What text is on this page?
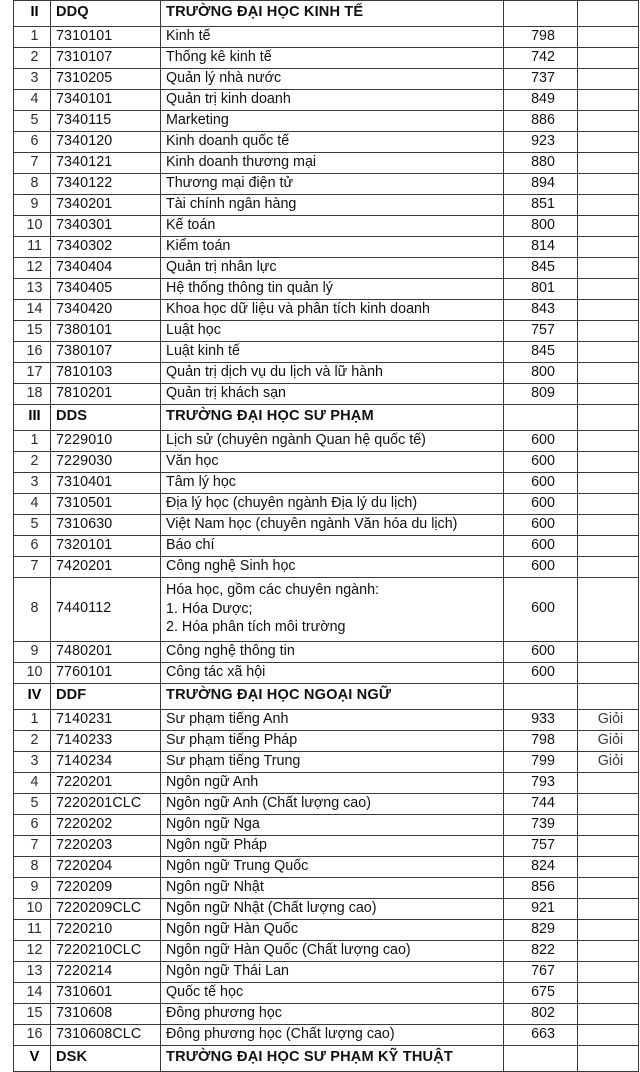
II	DDQ	TRƯỜNG ĐẠI HỌC KINH TẾ		
1	7310101	Kinh tế	798	
2	7310107	Thống kê kinh tế	742	
3	7310205	Quản lý nhà nước	737	
4	7340101	Quản trị kinh doanh	849	
5	7340115	Marketing	886	
6	7340120	Kinh doanh quốc tế	923	
7	7340121	Kinh doanh thương mại	880	
8	7340122	Thương mại điện tử	894	
9	7340201	Tài chính ngân hàng	851	
10	7340301	Kế toán	800	
11	7340302	Kiểm toán	814	
12	7340404	Quản trị nhân lực	845	
13	7340405	Hệ thống thông tin quản lý	801	
14	7340420	Khoa học dữ liệu và phân tích kinh doanh	843	
15	7380101	Luật học	757	
16	7380107	Luật kinh tế	845	
17	7810103	Quản trị dịch vụ du lịch và lữ hành	800	
18	7810201	Quản trị khách sạn	809	
III	DDS	TRƯỜNG ĐẠI HỌC SƯ PHẠM		
1	7229010	Lịch sử (chuyên ngành Quan hệ quốc tế)	600	
2	7229030	Văn học	600	
3	7310401	Tâm lý học	600	
4	7310501	Địa lý học (chuyên ngành Địa lý du lịch)	600	
5	7310630	Việt Nam học (chuyên ngành Văn hóa du lịch)	600	
6	7320101	Báo chí	600	
7	7420201	Công nghệ Sinh học	600	
8	7440112	Hóa học, gồm các chuyên ngành:
1. Hóa Dược;
2. Hóa phân tích môi trường	600	
9	7480201	Công nghệ thông tin	600	
10	7760101	Công tác xã hội	600	
IV	DDF	TRƯỜNG ĐẠI HỌC NGOẠI NGỮ		
1	7140231	Sư phạm tiếng Anh	933	Giỏi
2	7140233	Sư phạm tiếng Pháp	798	Giỏi
3	7140234	Sư phạm tiếng Trung	799	Giỏi
4	7220201	Ngôn ngữ Anh	793	
5	7220201CLC	Ngôn ngữ Anh (Chất lượng cao)	744	
6	7220202	Ngôn ngữ Nga	739	
7	7220203	Ngôn ngữ Pháp	757	
8	7220204	Ngôn ngữ Trung Quốc	824	
9	7220209	Ngôn ngữ Nhật	856	
10	7220209CLC	Ngôn ngữ Nhật (Chất lượng cao)	921	
11	7220210	Ngôn ngữ Hàn Quốc	829	
12	7220210CLC	Ngôn ngữ Hàn Quốc (Chất lượng cao)	822	
13	7220214	Ngôn ngữ Thái Lan	767	
14	7310601	Quốc tế học	675	
15	7310608	Đông phương học	802	
16	7310608CLC	Đông phương học (Chất lượng cao)	663	
V	DSK	TRƯỜNG ĐẠI HỌC SƯ PHẠM KỸ THUẬT		
